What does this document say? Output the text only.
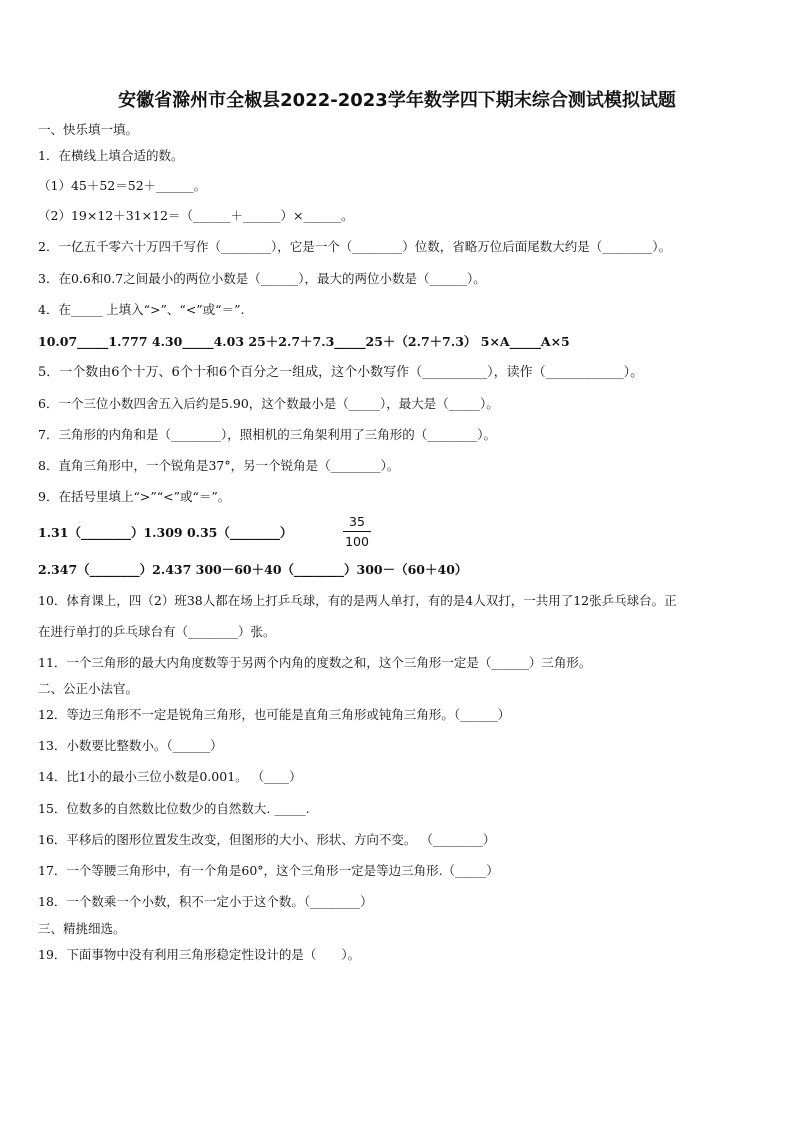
安徽省滁州市全椒县2022-2023学年数学四下期末综合测试模拟试题
一、快乐填一填。
1．在横线上填合适的数。
（1）45＋52＝52＋______。
（2）19×12＋31×12＝（______＋______）×______。
2．一亿五千零六十万四千写作（________），它是一个（________）位数，省略万位后面尾数大约是（________）。
3．在0.6和0.7之间最小的两位小数是（______），最大的两位小数是（______）。
4．在_____ 上填入“>”、“<”或“＝”.
10.07_____1.777 4.30_____4.03 25＋2.7＋7.3_____25＋（2.7＋7.3） 5×A_____A×5
5．一个数由6个十万、6个十和6个百分之一组成，这个小数写作（__________），读作（____________）。
6．一个三位小数四舍五入后约是5.90，这个数最小是（_____），最大是（_____）。
7．三角形的内角和是（________），照相机的三角架利用了三角形的（________）。
8．直角三角形中，一个锐角是37°，另一个锐角是（________）。
9．在括号里填上“>”“<”或“＝”。
1.31（________）1.309 0.35（________）
35
100
2.347（________）2.437 300－60＋40（________）300－（60＋40）
10．体育课上，四（2）班38人都在场上打乒乓球，有的是两人单打，有的是4人双打，一共用了12张乒乓球台。正
在进行单打的乒乓球台有（________）张。
11．一个三角形的最大内角度数等于另两个内角的度数之和，这个三角形一定是（______）三角形。
二、公正小法官。
12．等边三角形不一定是锐角三角形，也可能是直角三角形或钝角三角形。（______）
13．小数要比整数小。（______）
14．比1小的最小三位小数是0.001。 （____）
15．位数多的自然数比位数少的自然数大. _____.
16．平移后的图形位置发生改变，但图形的大小、形状、方向不变。 （________）
17．一个等腰三角形中，有一个角是60°，这个三角形一定是等边三角形.（_____）
18．一个数乘一个小数，积不一定小于这个数。（________）
三、精挑细选。
19．下面事物中没有利用三角形稳定性设计的是（　　）。
